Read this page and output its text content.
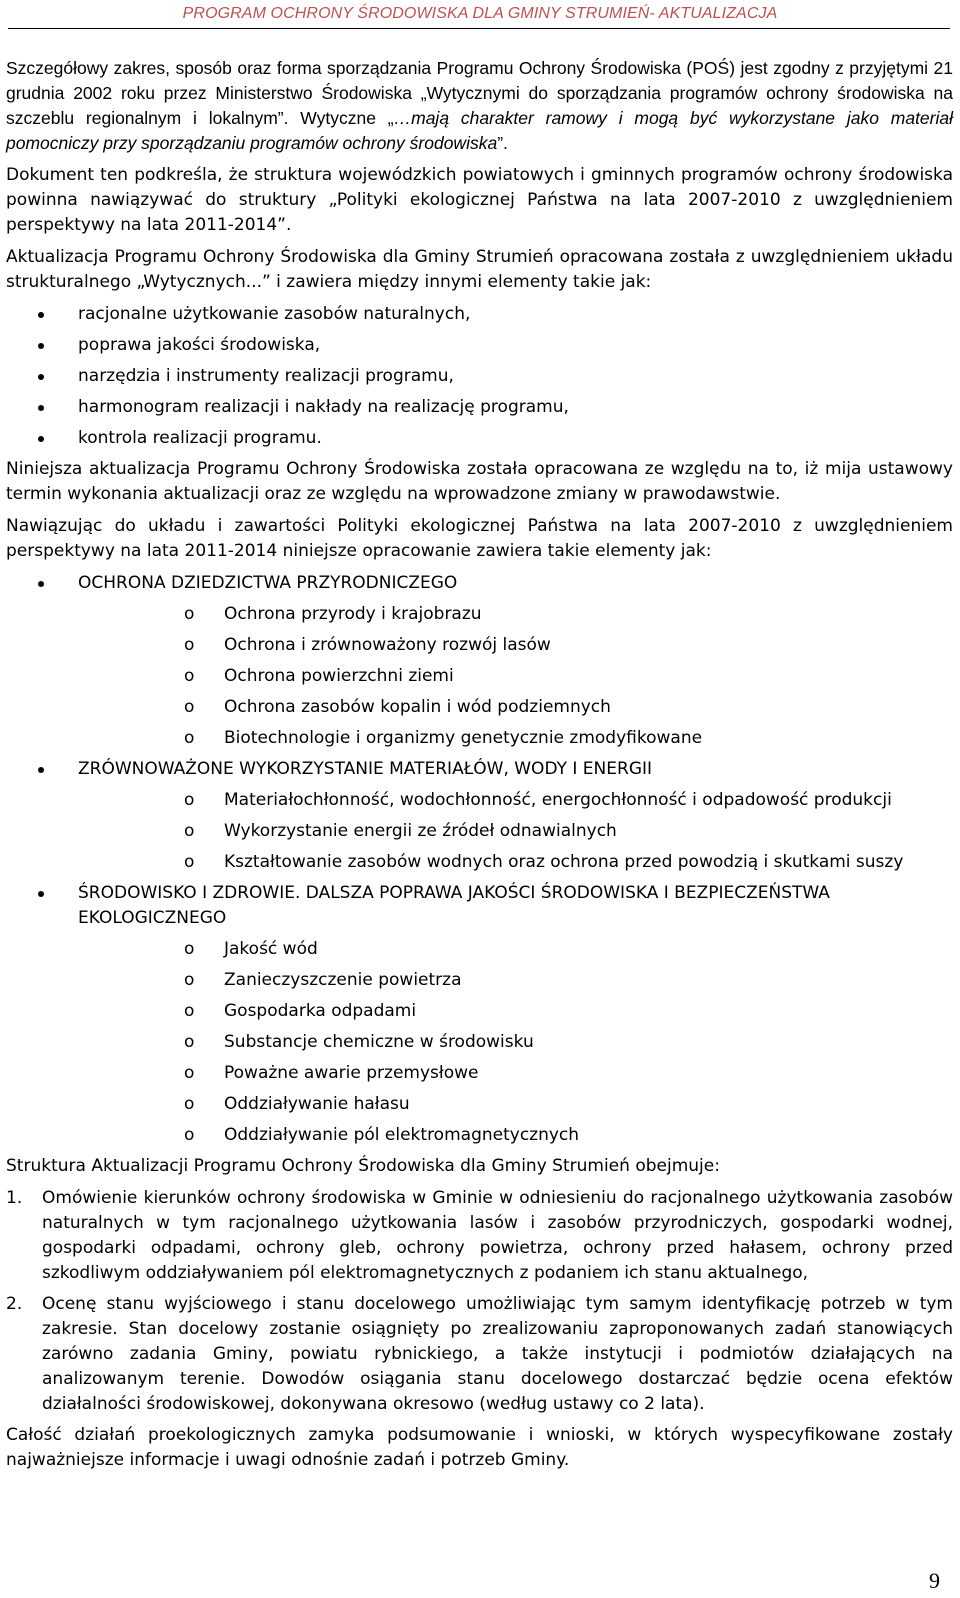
PROGRAM OCHRONY ŚRODOWISKA DLA GMINY STRUMIEŃ- AKTUALIZACJA

Szczegółowy zakres, sposób oraz forma sporządzania Programu Ochrony Środowiska (POŚ) jest zgodny z przyjętymi 21 grudnia 2002 roku przez Ministerstwo Środowiska „Wytycznymi do sporządzania programów ochrony środowiska na szczeblu regionalnym i lokalnym”. Wytyczne „…mają charakter ramowy i mogą być wykorzystane jako materiał pomocniczy przy sporządzaniu programów ochrony środowiska”.

Dokument ten podkreśla, że struktura wojewódzkich powiatowych i gminnych programów ochrony środowiska powinna nawiązywać do struktury „Polityki ekologicznej Państwa na lata 2007-2010 z uwzględnieniem perspektywy na lata 2011-2014”.

Aktualizacja Programu Ochrony Środowiska dla Gminy Strumień opracowana została z uwzględnieniem układu strukturalnego „Wytycznych...” i zawiera między innymi elementy takie jak:

racjonalne użytkowanie zasobów naturalnych,
poprawa jakości środowiska,
narzędzia i instrumenty realizacji programu,
harmonogram realizacji i nakłady na realizację programu,
kontrola realizacji programu.

Niniejsza aktualizacja Programu Ochrony Środowiska została opracowana ze względu na to, iż mija ustawowy termin wykonania aktualizacji oraz ze względu na wprowadzone zmiany w prawodawstwie.

Nawiązując do układu i zawartości Polityki ekologicznej Państwa na lata 2007-2010 z uwzględnieniem perspektywy na lata 2011-2014 niniejsze opracowanie zawiera takie elementy jak:

OCHRONA DZIEDZICTWA PRZYRODNICZEGO
o Ochrona przyrody i krajobrazu
o Ochrona i zrównoważony rozwój lasów
o Ochrona powierzchni ziemi
o Ochrona zasobów kopalin i wód podziemnych
o Biotechnologie i organizmy genetycznie zmodyfikowane
ZRÓWNOWAŻONE WYKORZYSTANIE MATERIAŁÓW, WODY I ENERGII
o Materiałochłonność, wodochłonność, energochłonność i odpadowość produkcji
o Wykorzystanie energii ze źródeł odnawialnych
o Kształtowanie zasobów wodnych oraz ochrona przed powodzią i skutkami suszy
ŚRODOWISKO I ZDROWIE. DALSZA POPRAWA JAKOŚCI ŚRODOWISKA I BEZPIECZEŃSTWA EKOLOGICZNEGO
o Jakość wód
o Zanieczyszczenie powietrza
o Gospodarka odpadami
o Substancje chemiczne w środowisku
o Poważne awarie przemysłowe
o Oddziaływanie hałasu
o Oddziaływanie pól elektromagnetycznych

Struktura Aktualizacji Programu Ochrony Środowiska dla Gminy Strumień obejmuje:

1. Omówienie kierunków ochrony środowiska w Gminie w odniesieniu do racjonalnego użytkowania zasobów naturalnych w tym racjonalnego użytkowania lasów i zasobów przyrodniczych, gospodarki wodnej, gospodarki odpadami, ochrony gleb, ochrony powietrza, ochrony przed hałasem, ochrony przed szkodliwym oddziaływaniem pól elektromagnetycznych z podaniem ich stanu aktualnego,
2. Ocenę stanu wyjściowego i stanu docelowego umożliwiając tym samym identyfikację potrzeb w tym zakresie. Stan docelowy zostanie osiągnięty po zrealizowaniu zaproponowanych zadań stanowiących zarówno zadania Gminy, powiatu rybnickiego, a także instytucji i podmiotów działających na analizowanym terenie. Dowodów osiągania stanu docelowego dostarczać będzie ocena efektów działalności środowiskowej, dokonywana okresowo (według ustawy co 2 lata).

Całość działań proekologicznych zamyka podsumowanie i wnioski, w których wyspecyfikowane zostały najważniejsze informacje i uwagi odnośnie zadań i potrzeb Gminy.

9
